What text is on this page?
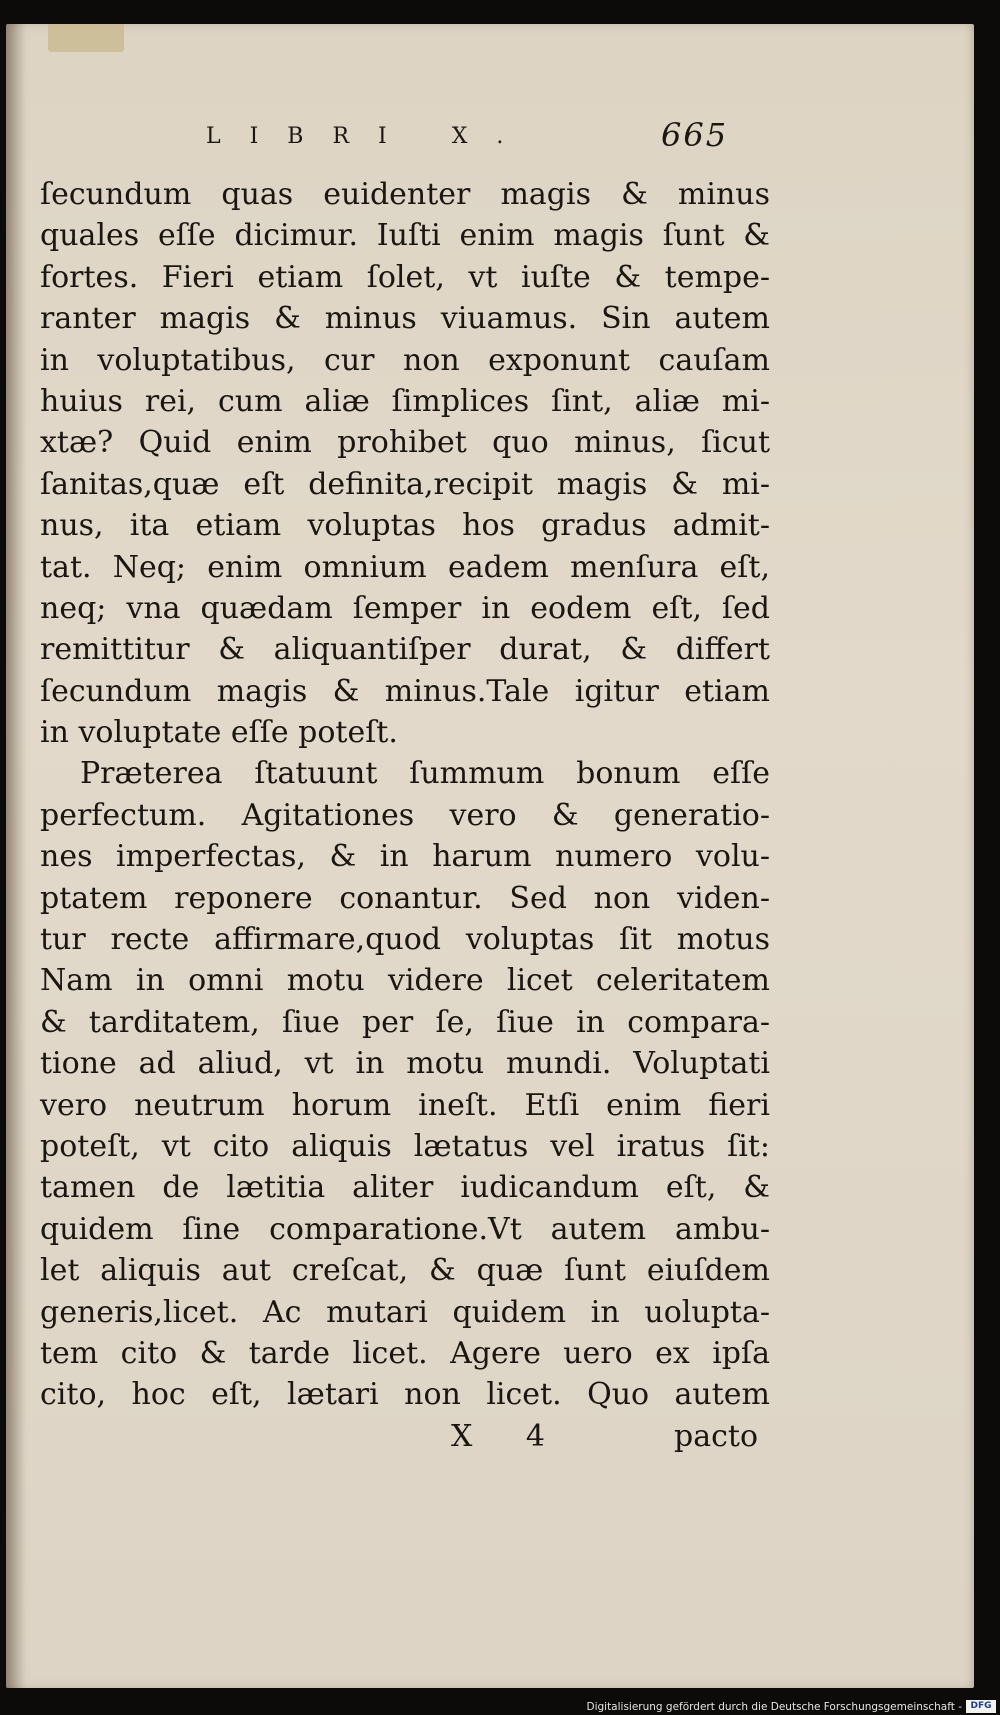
LIBRI X.	665
ſecundum quas euidenter magis & minus
quales eſſe dicimur. Iuſti enim magis ſunt &
fortes. Fieri etiam ſolet, vt iuſte & tempe-
ranter magis & minus viuamus. Sin autem
in voluptatibus, cur non exponunt cauſam
huius rei, cum aliæ ſimplices ſint, aliæ mi-
xtæ? Quid enim prohibet quo minus, ſicut
ſanitas,quæ eſt definita,recipit magis & mi-
nus, ita etiam voluptas hos gradus admit-
tat. Neq; enim omnium eadem menſura eſt,
neq; vna quædam ſemper in eodem eſt, ſed
remittitur & aliquantiſper durat, & differt
ſecundum magis & minus.Tale igitur etiam
in voluptate eſſe poteſt.
Præterea ſtatuunt ſummum bonum eſſe
perfectum. Agitationes vero & generatio-
nes imperfectas, & in harum numero volu-
ptatem reponere conantur. Sed non viden-
tur recte affirmare,quod voluptas ſit motus
Nam in omni motu videre licet celeritatem
& tarditatem, ſiue per ſe, ſiue in compara-
tione ad aliud, vt in motu mundi. Voluptati
vero neutrum horum ineſt. Etſi enim fieri
poteſt, vt cito aliquis lætatus vel iratus ſit:
tamen de lætitia aliter iudicandum eſt, &
quidem ſine comparatione.Vt autem ambu-
let aliquis aut creſcat, & quæ ſunt eiuſdem
generis,licet. Ac mutari quidem in uolupta-
tem cito & tarde licet. Agere uero ex ipſa
cito, hoc eſt, lætari non licet. Quo autem
X 4	pacto
Digitalisierung gefördert durch die Deutsche Forschungsgemeinschaft - DFG
